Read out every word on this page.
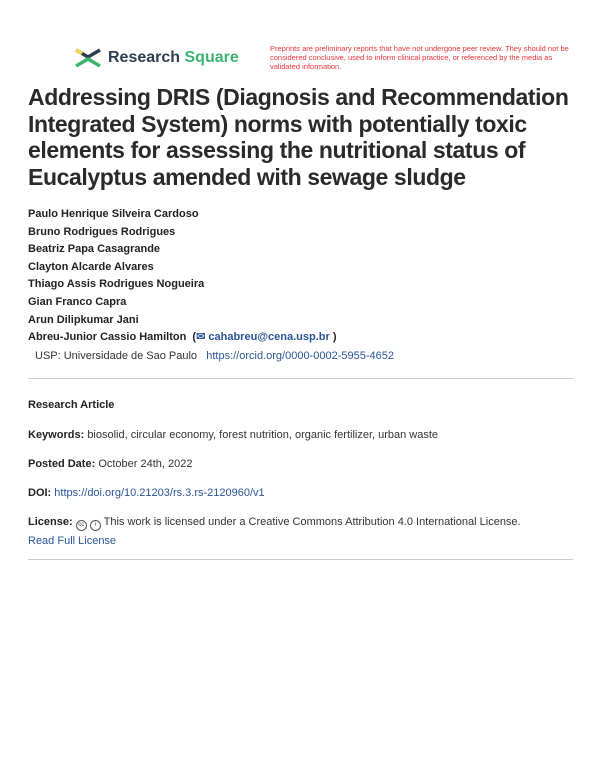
Research Square
Preprints are preliminary reports that have not undergone peer review. They should not be considered conclusive, used to inform clinical practice, or referenced by the media as validated information.
Addressing DRIS (Diagnosis and Recommendation Integrated System) norms with potentially toxic elements for assessing the nutritional status of Eucalyptus amended with sewage sludge
Paulo Henrique Silveira Cardoso
Bruno Rodrigues Rodrigues
Beatriz Papa Casagrande
Clayton Alcarde Alvares
Thiago Assis Rodrigues Nogueira
Gian Franco Capra
Arun Dilipkumar Jani
Abreu-Junior Cassio Hamilton (✉ cahabreu@cena.usp.br )
USP: Universidade de Sao Paulo https://orcid.org/0000-0002-5955-4652
Research Article
Keywords: biosolid, circular economy, forest nutrition, organic fertilizer, urban waste
Posted Date: October 24th, 2022
DOI: https://doi.org/10.21203/rs.3.rs-2120960/v1
License: cc i This work is licensed under a Creative Commons Attribution 4.0 International License.
Read Full License
